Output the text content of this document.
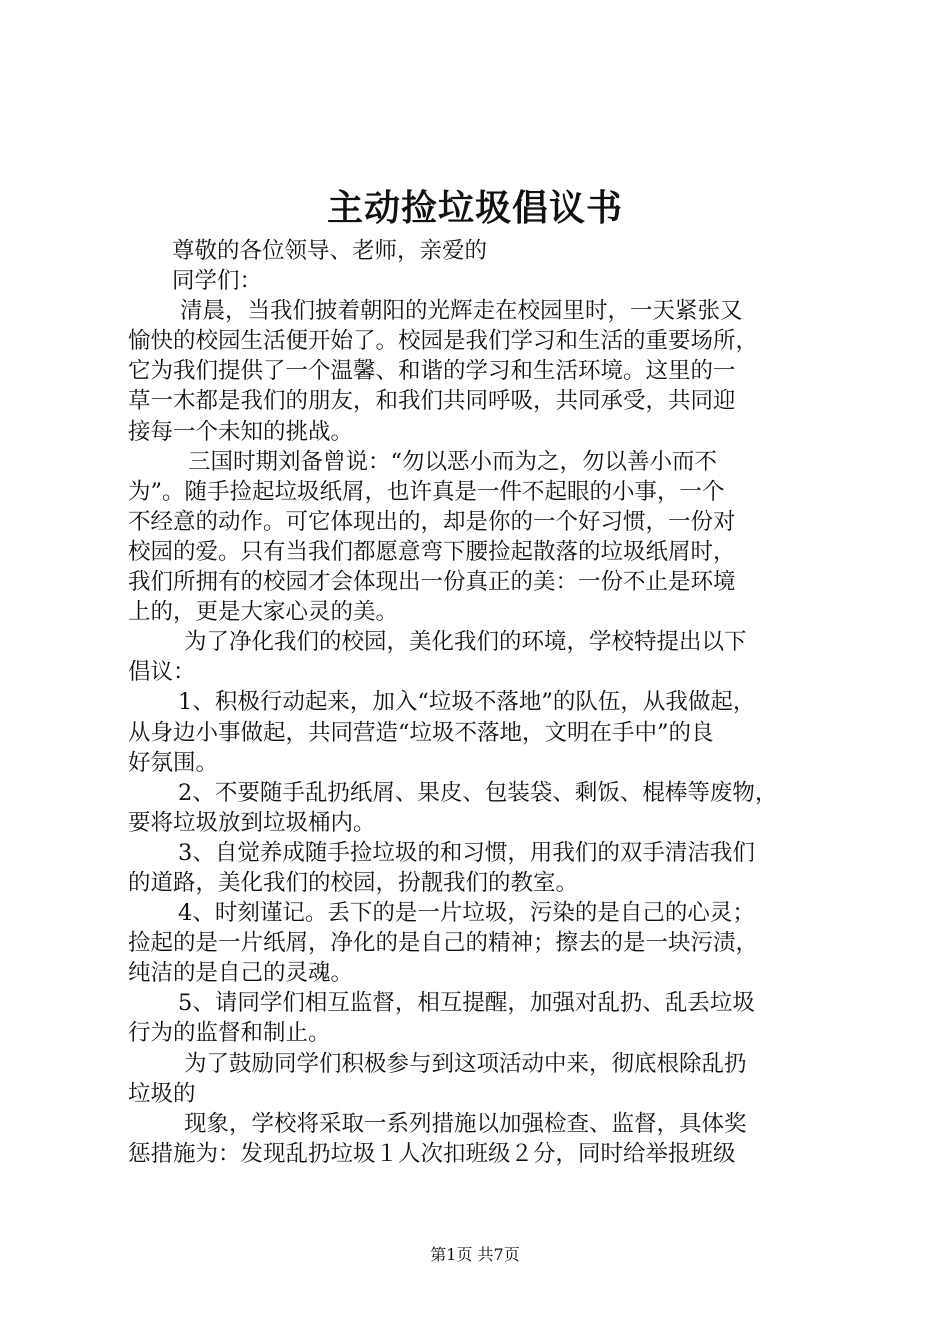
主动捡垃圾倡议书
尊敬的各位领导、老师，亲爱的
同学们：
清晨，当我们披着朝阳的光辉走在校园里时，一天紧张又
愉快的校园生活便开始了。校园是我们学习和生活的重要场所，
它为我们提供了一个温馨、和谐的学习和生活环境。这里的一
草一木都是我们的朋友，和我们共同呼吸，共同承受，共同迎
接每一个未知的挑战。
三国时期刘备曾说：“勿以恶小而为之，勿以善小而不
为”。随手捡起垃圾纸屑，也许真是一件不起眼的小事，一个
不经意的动作。可它体现出的，却是你的一个好习惯，一份对
校园的爱。只有当我们都愿意弯下腰捡起散落的垃圾纸屑时，
我们所拥有的校园才会体现出一份真正的美：一份不止是环境
上的，更是大家心灵的美。
为了净化我们的校园，美化我们的环境，学校特提出以下
倡议：
1、积极行动起来，加入“垃圾不落地”的队伍，从我做起，
从身边小事做起，共同营造“垃圾不落地，文明在手中”的良
好氛围。
2、不要随手乱扔纸屑、果皮、包装袋、剩饭、棍棒等废物，
要将垃圾放到垃圾桶内。
3、自觉养成随手捡垃圾的和习惯，用我们的双手清洁我们
的道路，美化我们的校园，扮靓我们的教室。
4、时刻谨记。丢下的是一片垃圾，污染的是自己的心灵；
捡起的是一片纸屑，净化的是自己的精神；擦去的是一块污渍，
纯洁的是自己的灵魂。
5、请同学们相互监督，相互提醒，加强对乱扔、乱丢垃圾
行为的监督和制止。
为了鼓励同学们积极参与到这项活动中来，彻底根除乱扔
垃圾的
现象，学校将采取一系列措施以加强检查、监督，具体奖
惩措施为：发现乱扔垃圾１人次扣班级２分，同时给举报班级
第1页 共7页
